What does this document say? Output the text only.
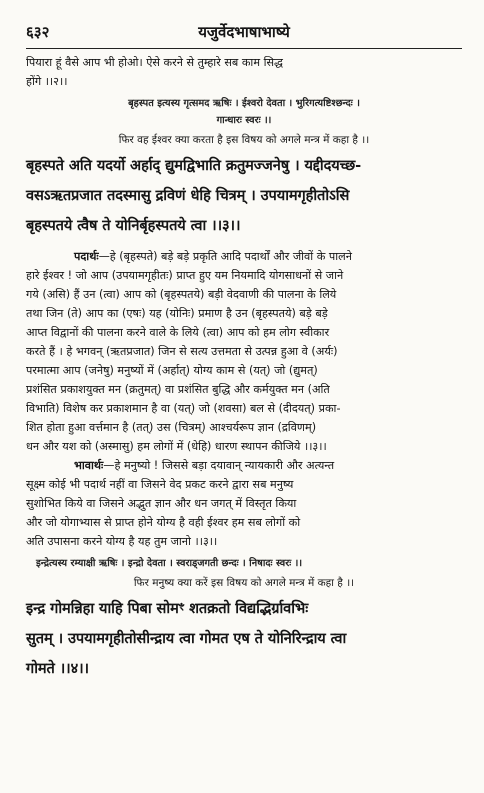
६३२	यजुर्वेदभाषाभाष्ये

पियारा हूं वैसे आप भी होओ। ऐसे करने से तुम्हारे सब काम सिद्ध

होंगे ।।२।।

बृहस्पत इत्यस्य गृत्समद ऋषिः । ईश्वरो देवता । भुरिगत्यष्टिश्छन्दः ।

गान्धारः स्वरः ।।

फिर वह ईश्वर क्या करता है इस विषय को अगले मन्त्र में कहा है ।।

बृहस्पते अति यदर्यो अर्हाद् द्युमद्विभाति क्रतुमज्जनेषु । यद्दीदयच्छ-

वसऽऋतप्रजात तदस्मासु द्रविणं धेहि चित्रम् । उपयामगृहीतोऽसि

बृहस्पतये त्वैष ते योनिर्बृहस्पतये त्वा ।।३।।

पदार्थः—हे (बृहस्पते) बड़े बड़े प्रकृति आदि पदार्थों और जीवों के पालने

हारे ईश्वर ! जो आप (उपयामगृहीतः) प्राप्त हुए यम नियमादि योगसाधनों से जाने

गये (असि) हैं उन (त्वा) आप को (बृहस्पतये) बड़ी वेदवाणी की पालना के लिये

तथा जिन (ते) आप का (एषः) यह (योनिः) प्रमाण है उन (बृहस्पतये) बड़े बड़े

आप्त विद्वानों की पालना करने वाले के लिये (त्वा) आप को हम लोग स्वीकार

करते हैं । हे भगवन् (ऋतप्रजात) जिन से सत्य उत्तमता से उत्पन्न हुआ वे (अर्यः)

परमात्मा आप (जनेषु) मनुष्यों में (अर्हात्) योग्य काम से (यत्) जो (द्युमत्)

प्रशंसित प्रकाशयुक्त मन (क्रतुमत्) वा प्रशंसित बुद्धि और कर्मयुक्त मन (अति

विभाति) विशेष कर प्रकाशमान है वा (यत्) जो (शवसा) बल से (दीदयत्) प्रका-

शित होता हुआ वर्त्तमान है (तत्) उस (चित्रम्) आश्चर्यरूप ज्ञान (द्रविणम्)

धन और यश को (अस्मासु) हम लोगों में (धेहि) धारण स्थापन कीजिये ।।३।।

भावार्थः—हे मनुष्यो ! जिससे बड़ा दयावान् न्यायकारी और अत्यन्त

सूक्ष्म कोई भी पदार्थ नहीं वा जिसने वेद प्रकट करने द्वारा सब मनुष्य

सुशोभित किये वा जिसने अद्भुत ज्ञान और धन जगत् में विस्तृत किया

और जो योगाभ्यास से प्राप्त होने योग्य है वही ईश्वर हम सब लोगों को

अति उपासना करने योग्य है यह तुम जानो ।।३।।

इन्द्रेत्यस्य रम्याक्षी ऋषिः । इन्द्रो देवता । स्वराड्जगती छन्दः । निषादः स्वरः ।।

फिर मनुष्य क्या करें इस विषय को अगले मन्त्र में कहा है ।।

इन्द्र गोमन्निहा याहि पिबा सोमꣳ शतक्रतो विद्यद्भिर्ग्रावभिः

सुतम् । उपयामगृहीतोसीन्द्राय त्वा गोमत एष ते योनिरिन्द्राय त्वा

गोमते ।।४।।
